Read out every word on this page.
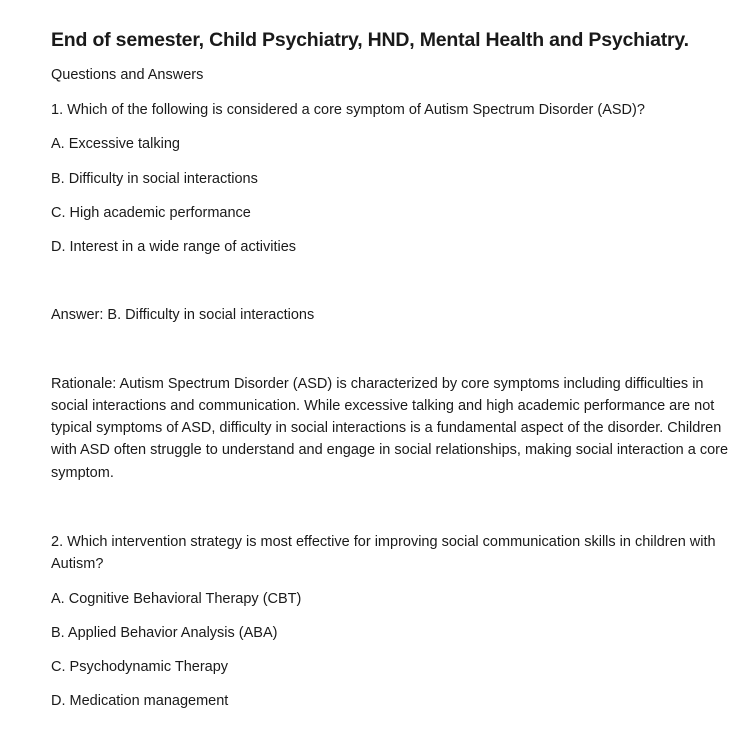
End of semester, Child Psychiatry, HND, Mental Health and Psychiatry.
Questions and Answers
1. Which of the following is considered a core symptom of Autism Spectrum Disorder (ASD)?
A. Excessive talking
B. Difficulty in social interactions
C. High academic performance
D. Interest in a wide range of activities
Answer: B. Difficulty in social interactions
Rationale: Autism Spectrum Disorder (ASD) is characterized by core symptoms including difficulties in
social interactions and communication. While excessive talking and high academic performance are not
typical symptoms of ASD, difficulty in social interactions is a fundamental aspect of the disorder. Children
with ASD often struggle to understand and engage in social relationships, making social interaction a core
symptom.
2. Which intervention strategy is most effective for improving social communication skills in children with
Autism?
A. Cognitive Behavioral Therapy (CBT)
B. Applied Behavior Analysis (ABA)
C. Psychodynamic Therapy
D. Medication management
